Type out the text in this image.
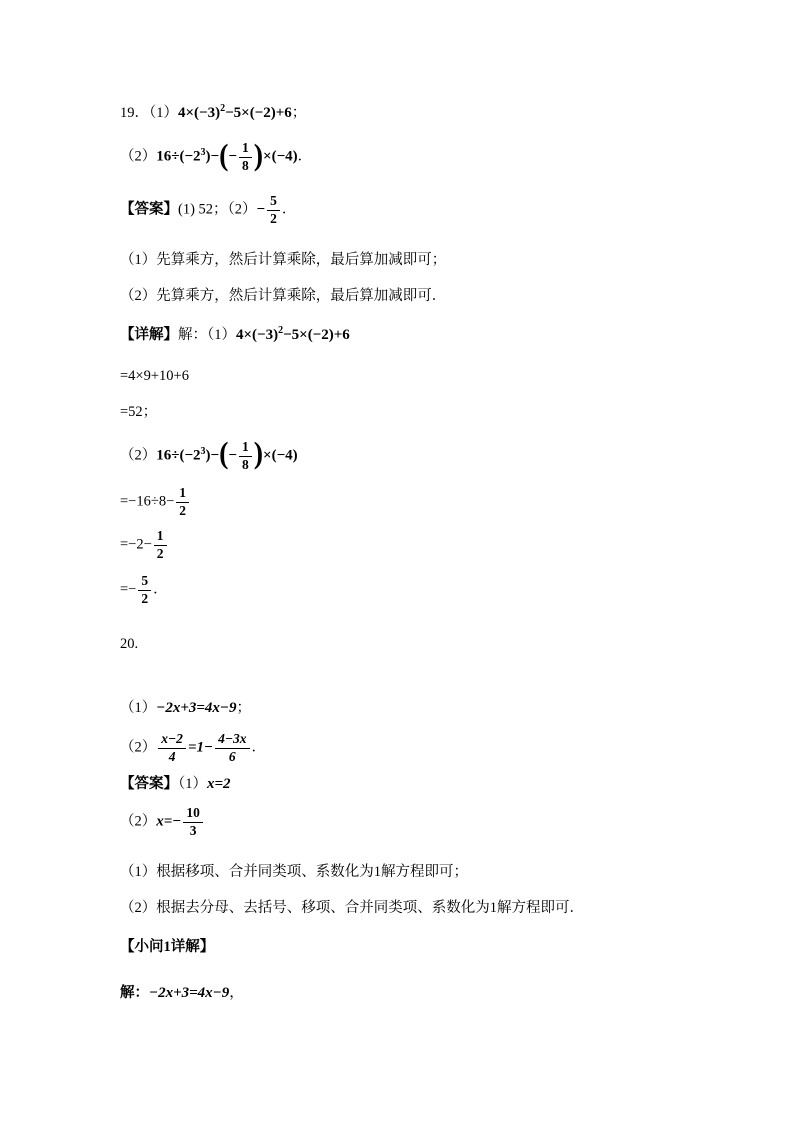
19．$(1)4\times(-3)^2-5\times(-2)+6$；
$(2)16\div(-2^3)-(- \frac{1}{8} )\times(-4)$．
【答案】(1) 52；$(2)- \frac{5}{2}$ ．
（1）先算乘方，然后计算乘除，最后算加减即可；
（2）先算乘方，然后计算乘除，最后算加减即可．
【详解】解：$(1)4\times(-3)^2-5\times(-2)+6$
=4×9+10+6
=52；
$(2)16\div(-2^3)-(- \frac{1}{8} )\times(-4)$
$=-16\div 8- \frac{1}{2}$
$=-2- \frac{1}{2}$
=− $\frac{5}{2}$ ．
20.
（1）−2x+3=4x−9；
$(2) \frac{x-2}{4} =1- \frac{4-3x}{6}$ ．
【答案】（1）x=2
$(2)x=- \frac{10}{3}$
（1）根据移项、合并同类项、系数化为1解方程即可；
（2）根据去分母、去括号、移项、合并同类项、系数化为1解方程即可．
【小问1详解】
解：−2x+3=4x−9，
